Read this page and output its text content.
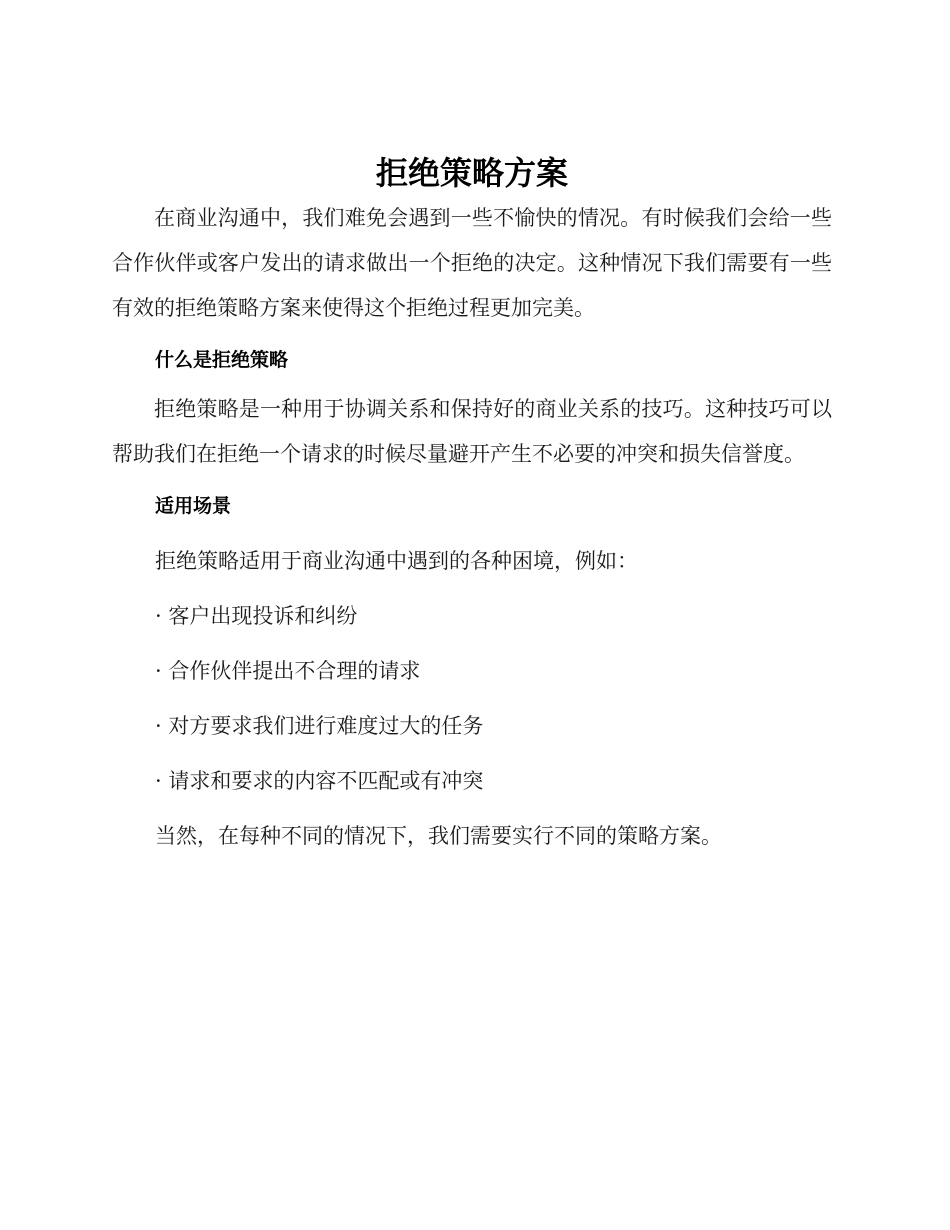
拒绝策略方案

在商业沟通中，我们难免会遇到一些不愉快的情况。有时候我们会给一些合作伙伴或客户发出的请求做出一个拒绝的决定。这种情况下我们需要有一些有效的拒绝策略方案来使得这个拒绝过程更加完美。

什么是拒绝策略

拒绝策略是一种用于协调关系和保持好的商业关系的技巧。这种技巧可以帮助我们在拒绝一个请求的时候尽量避开产生不必要的冲突和损失信誉度。

适用场景

拒绝策略适用于商业沟通中遇到的各种困境，例如：

· 客户出现投诉和纠纷

· 合作伙伴提出不合理的请求

· 对方要求我们进行难度过大的任务

· 请求和要求的内容不匹配或有冲突

当然，在每种不同的情况下，我们需要实行不同的策略方案。
